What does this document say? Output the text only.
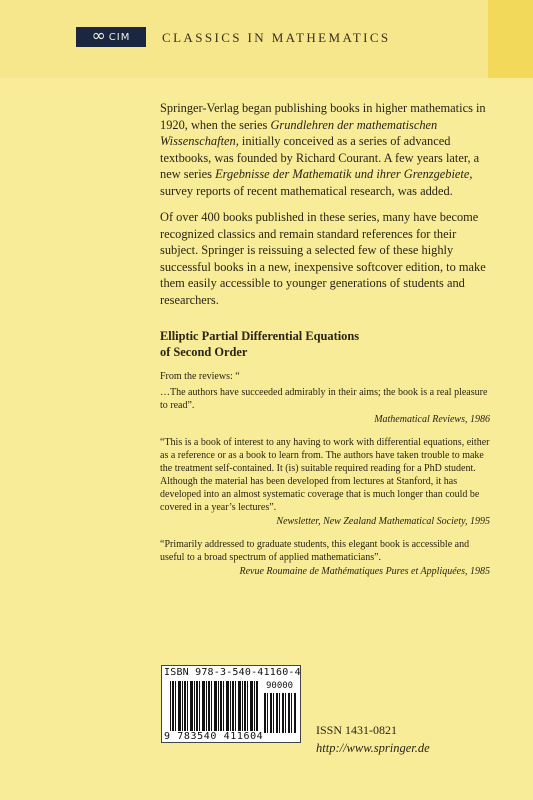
∞ CIM CLASSICS IN MATHEMATICS

Springer-Verlag began publishing books in higher mathematics in 1920, when the series Grundlehren der mathematischen Wissenschaften, initially conceived as a series of advanced textbooks, was founded by Richard Courant. A few years later, a new series Ergebnisse der Mathematik und ihrer Grenzgebiete, survey reports of recent mathematical research, was added.

Of over 400 books published in these series, many have become recognized classics and remain standard references for their subject. Springer is reissuing a selected few of these highly successful books in a new, inexpensive softcover edition, to make them easily accessible to younger generations of students and researchers.

Elliptic Partial Differential Equations
of Second Order

From the reviews: “

…The authors have succeeded admirably in their aims; the book is a real pleasure to read”.

Mathematical Reviews, 1986

“This is a book of interest to any having to work with differential equations, either as a reference or as a book to learn from. The authors have taken trouble to make the treatment self-contained. It (is) suitable required reading for a PhD student. Although the material has been developed from lectures at Stanford, it has developed into an almost systematic coverage that is much longer than could be covered in a year’s lectures”.

Newsletter, New Zealand Mathematical Society, 1995

“Primarily addressed to graduate students, this elegant book is accessible and useful to a broad spectrum of applied mathematicians”.

Revue Roumaine de Mathématiques Pures et Appliquées, 1985

ISBN 978-3-540-41160-4
90000
9 783540 411604	ISSN 1431-0821
http://www.springer.de
